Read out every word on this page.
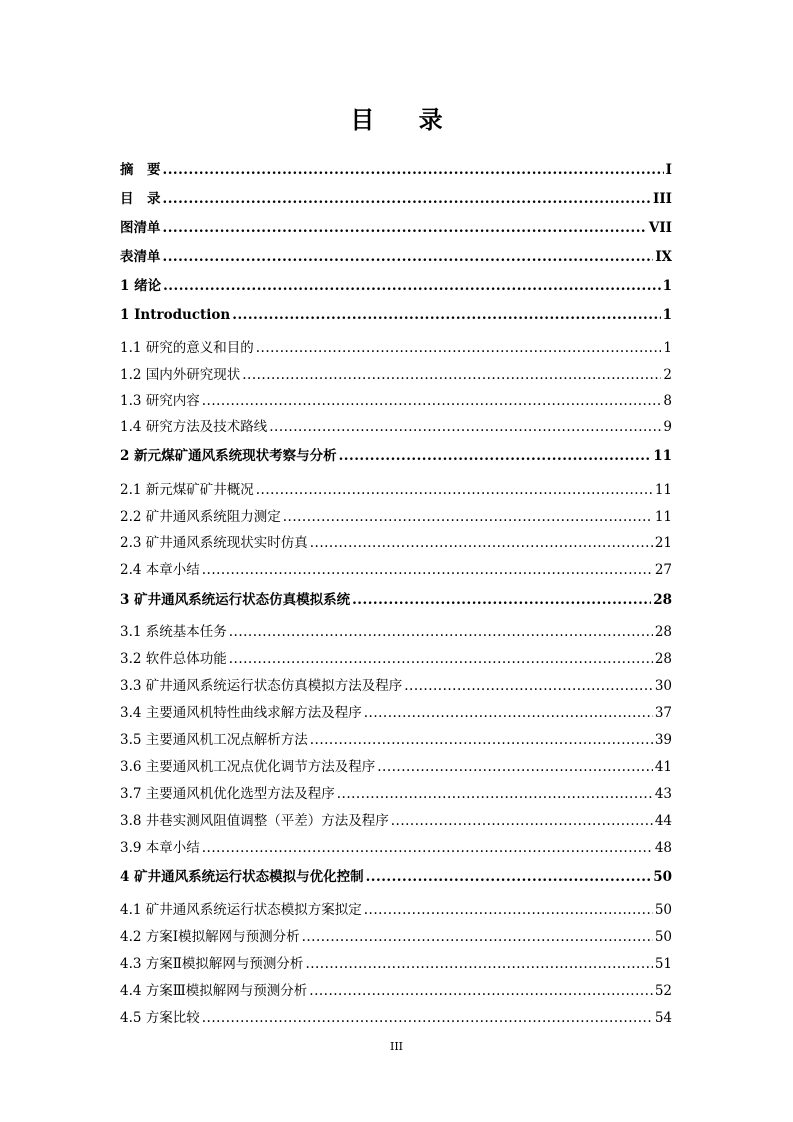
目 录
摘　要 .....	I
目　录 .....	III
图清单 .....	VII
表清单 .....	IX
1 绪论 .....	1
1 Introduction .....	1
1.1 研究的意义和目的 .....	1
1.2 国内外研究现状 .....	2
1.3 研究内容 .....	8
1.4 研究方法及技术路线 .....	9
2 新元煤矿通风系统现状考察与分析 .....	11
2.1 新元煤矿矿井概况 .....	11
2.2 矿井通风系统阻力测定 .....	11
2.3 矿井通风系统现状实时仿真 .....	21
2.4 本章小结 .....	27
3 矿井通风系统运行状态仿真模拟系统 .....	28
3.1 系统基本任务 .....	28
3.2 软件总体功能 .....	28
3.3 矿井通风系统运行状态仿真模拟方法及程序 .....	30
3.4 主要通风机特性曲线求解方法及程序 .....	37
3.5 主要通风机工况点解析方法 .....	39
3.6 主要通风机工况点优化调节方法及程序 .....	41
3.7 主要通风机优化选型方法及程序 .....	43
3.8 井巷实测风阻值调整（平差）方法及程序 .....	44
3.9 本章小结 .....	48
4 矿井通风系统运行状态模拟与优化控制 .....	50
4.1 矿井通风系统运行状态模拟方案拟定 .....	50
4.2 方案Ⅰ模拟解网与预测分析 .....	50
4.3 方案Ⅱ模拟解网与预测分析 .....	51
4.4 方案Ⅲ模拟解网与预测分析 .....	52
4.5 方案比较 .....	54
III
